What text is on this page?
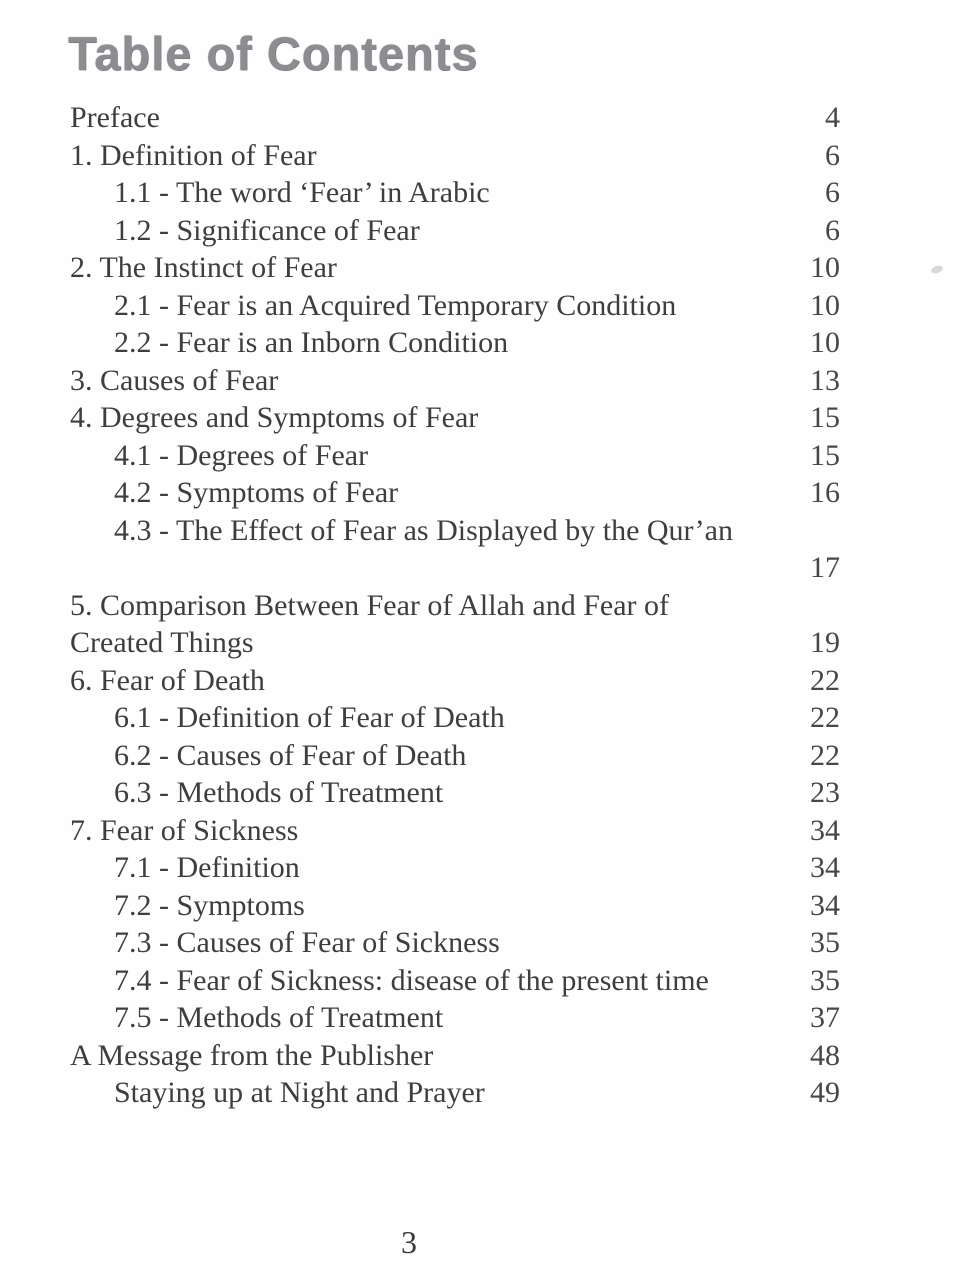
Table of Contents
Preface	4
1. Definition of Fear	6
1.1 - The word ‘Fear’ in Arabic	6
1.2 - Significance of Fear	6
2. The Instinct of Fear	10
2.1 - Fear is an Acquired Temporary Condition	10
2.2 - Fear is an Inborn Condition	10
3. Causes of Fear	13
4. Degrees and Symptoms of Fear	15
4.1 - Degrees of Fear	15
4.2 - Symptoms of Fear	16
4.3 - The Effect of Fear as Displayed by the Qur’an
17
5. Comparison Between Fear of Allah and Fear of
Created Things	19
6. Fear of Death	22
6.1 - Definition of Fear of Death	22
6.2 - Causes of Fear of Death	22
6.3 - Methods of Treatment	23
7. Fear of Sickness	34
7.1 - Definition	34
7.2 - Symptoms	34
7.3 - Causes of Fear of Sickness	35
7.4 - Fear of Sickness: disease of the present time	35
7.5 - Methods of Treatment	37
A Message from the Publisher	48
Staying up at Night and Prayer	49
3
